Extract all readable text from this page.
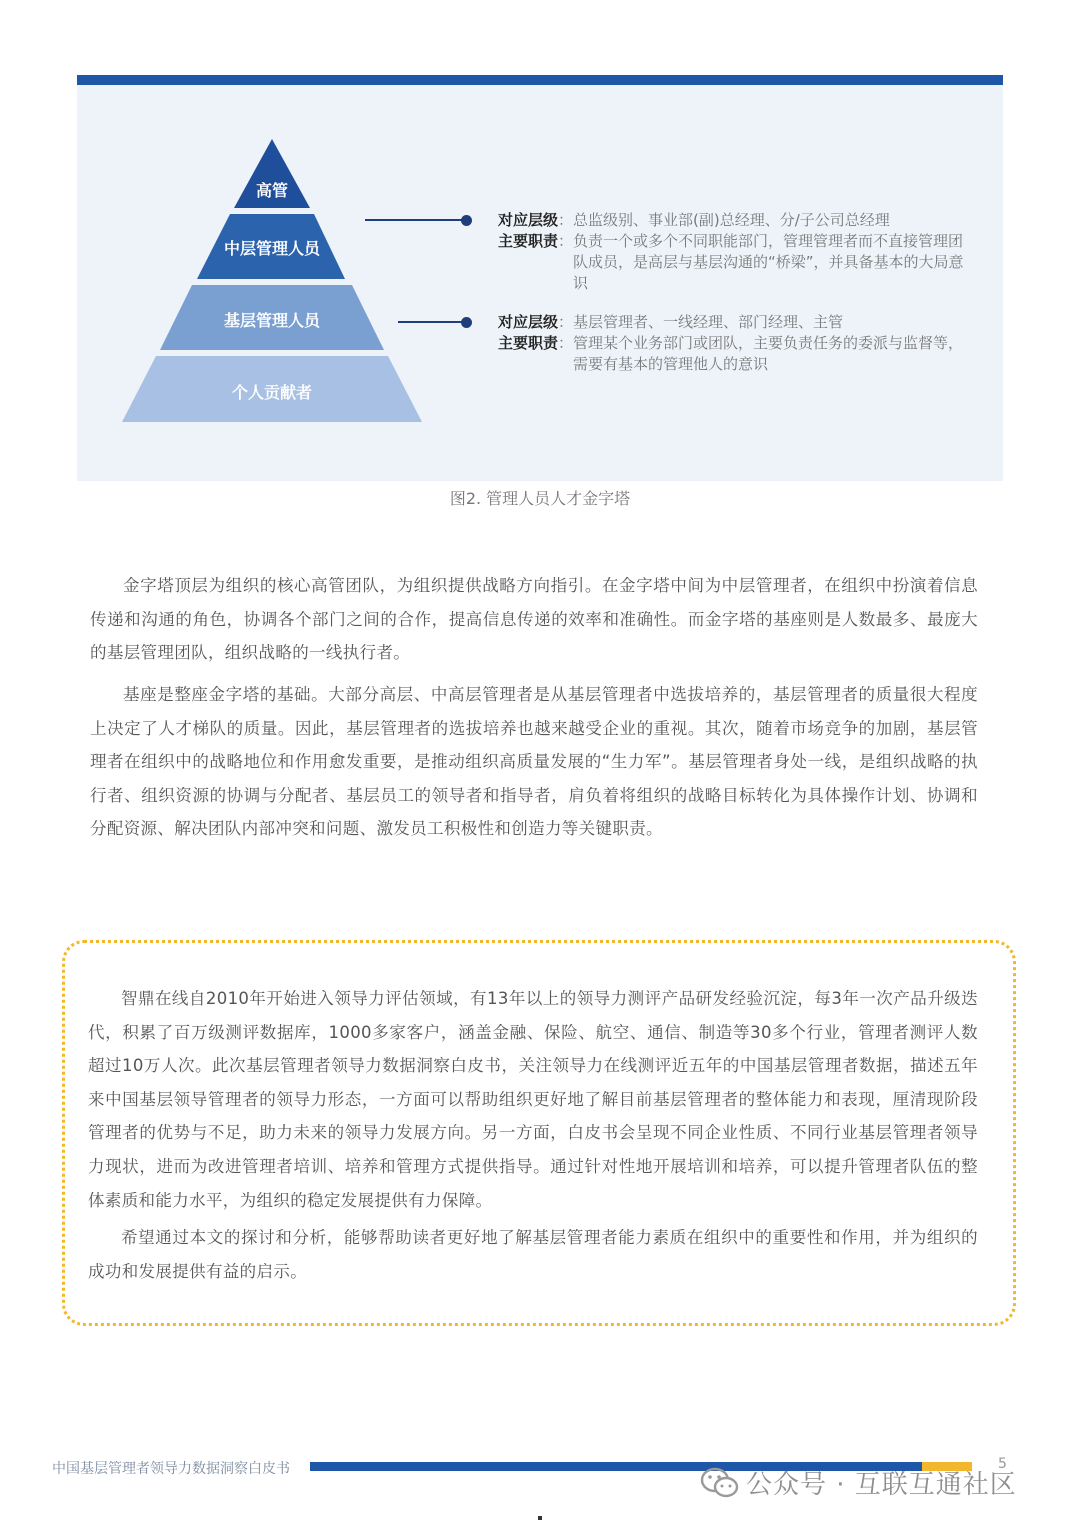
高管
中层管理人员
基层管理人员
个人贡献者
对应层级：总监级别、事业部(副)总经理、分/子公司总经理
主要职责：负责一个或多个不同职能部门，管理管理者而不直接管理团队成员，是高层与基层沟通的“桥梁”，并具备基本的大局意识
对应层级：基层管理者、一线经理、部门经理、主管
主要职责：管理某个业务部门或团队，主要负责任务的委派与监督等，需要有基本的管理他人的意识
图2. 管理人员人才金字塔
金字塔顶层为组织的核心高管团队，为组织提供战略方向指引。在金字塔中间为中层管理者，在组织中扮演着信息传递和沟通的角色，协调各个部门之间的合作，提高信息传递的效率和准确性。而金字塔的基座则是人数最多、最庞大的基层管理团队，组织战略的一线执行者。
基座是整座金字塔的基础。大部分高层、中高层管理者是从基层管理者中选拔培养的，基层管理者的质量很大程度上决定了人才梯队的质量。因此，基层管理者的选拔培养也越来越受企业的重视。其次，随着市场竞争的加剧，基层管理者在组织中的战略地位和作用愈发重要，是推动组织高质量发展的“生力军”。基层管理者身处一线，是组织战略的执行者、组织资源的协调与分配者、基层员工的领导者和指导者，肩负着将组织的战略目标转化为具体操作计划、协调和分配资源、解决团队内部冲突和问题、激发员工积极性和创造力等关键职责。
智鼎在线自2010年开始进入领导力评估领域，有13年以上的领导力测评产品研发经验沉淀，每3年一次产品升级迭代，积累了百万级测评数据库，1000多家客户，涵盖金融、保险、航空、通信、制造等30多个行业，管理者测评人数超过10万人次。此次基层管理者领导力数据洞察白皮书，关注领导力在线测评近五年的中国基层管理者数据，描述五年来中国基层领导管理者的领导力形态，一方面可以帮助组织更好地了解目前基层管理者的整体能力和表现，厘清现阶段管理者的优势与不足，助力未来的领导力发展方向。另一方面，白皮书会呈现不同企业性质、不同行业基层管理者领导力现状，进而为改进管理者培训、培养和管理方式提供指导。通过针对性地开展培训和培养，可以提升管理者队伍的整体素质和能力水平，为组织的稳定发展提供有力保障。
希望通过本文的探讨和分析，能够帮助读者更好地了解基层管理者能力素质在组织中的重要性和作用，并为组织的成功和发展提供有益的启示。
中国基层管理者领导力数据洞察白皮书	5
公众号 · 互联互通社区
